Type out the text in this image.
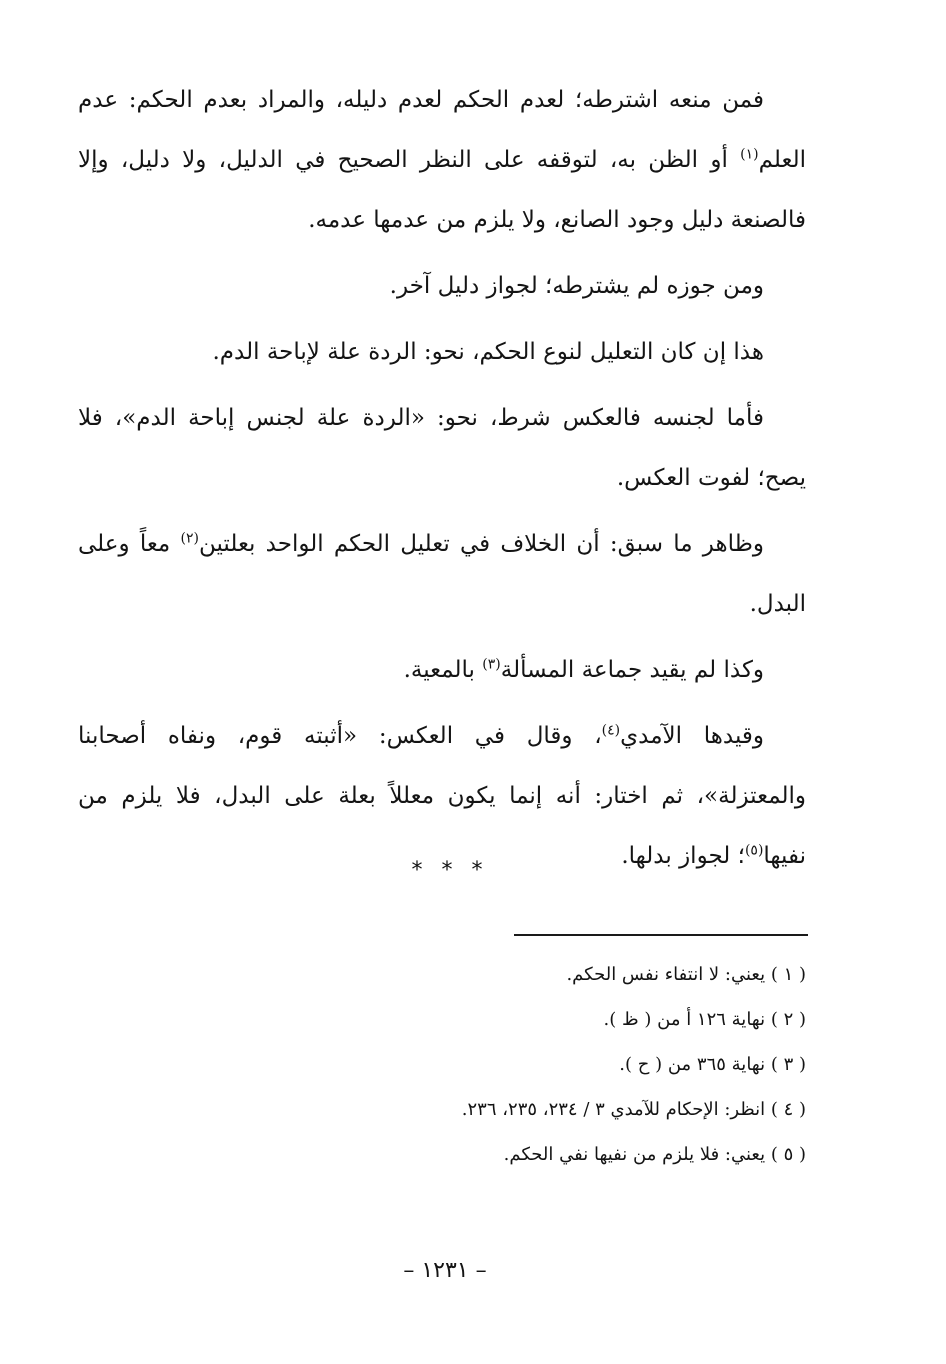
فمن منعه اشترطه؛ لعدم الحكم لعدم دليله، والمراد بعدم الحكم: عدم العلم$^{(١)}$ أو الظن به، لتوقفه على النظر الصحيح في الدليل، ولا دليل، وإلا فالصنعة دليل وجود الصانع، ولا يلزم من عدمها عدمه.

ومن جوزه لم يشترطه؛ لجواز دليل آخر.

هذا إن كان التعليل لنوع الحكم، نحو: الردة علة لإباحة الدم.

فأما لجنسه فالعكس شرط، نحو: «الردة علة لجنس إباحة الدم»، فلا يصح؛ لفوت العكس.

وظاهر ما سبق: أن الخلاف في تعليل الحكم الواحد بعلتين$^{(٢)}$ معاً وعلى البدل.

وكذا لم يقيد جماعة المسألة$^{(٣)}$ بالمعية.

وقيدها الآمدي$^{(٤)}$، وقال في العكس: «أثبته قوم، ونفاه أصحابنا والمعتزلة»، ثم اختار: أنه إنما يكون معللاً بعلة على البدل، فلا يلزم من نفيها$^{(٥)}$؛ لجواز بدلها.

* * *

( ١ ) يعني: لا انتفاء نفس الحكم.

( ٢ ) نهاية ١٢٦ أ من ( ظ ).

( ٣ ) نهاية ٣٦٥ من ( ح ).

( ٤ ) انظر: الإحكام للآمدي ٣ / ٢٣٤، ٢٣٥، ٢٣٦.

( ٥ ) يعني: فلا يلزم من نفيها نفي الحكم.

– ١٢٣١ –
